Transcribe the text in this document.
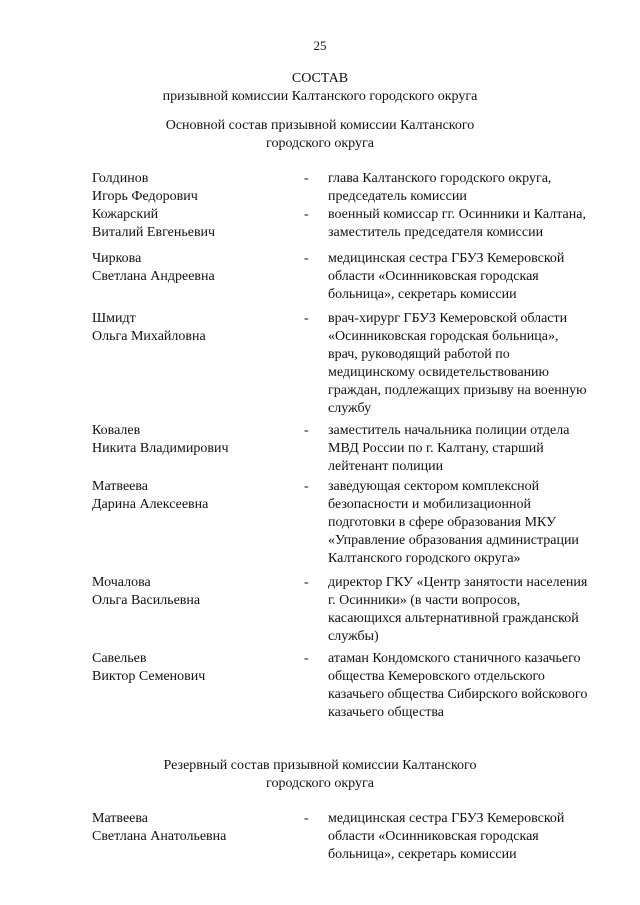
25
СОСТАВ
призывной комиссии Калтанского городского округа
Основной состав призывной комиссии Калтанского
городского округа
Голдинов
Игорь Федорович
-	глава Калтанского городского округа, председатель комиссии
Кожарский
Виталий Евгеньевич
-	военный комиссар гг. Осинники и Калтана, заместитель председателя комиссии
Чиркова
Светлана Андреевна
-	медицинская сестра ГБУЗ Кемеровской области «Осинниковская городская больница», секретарь комиссии
Шмидт
Ольга Михайловна
-	врач-хирург ГБУЗ Кемеровской области «Осинниковская городская больница», врач, руководящий работой по медицинскому освидетельствованию граждан, подлежащих призыву на военную службу
Ковалев
Никита Владимирович
-	заместитель начальника полиции отдела МВД России по г. Калтану, старший лейтенант полиции
Матвеева
Дарина Алексеевна
-	заведующая сектором комплексной безопасности и мобилизационной подготовки в сфере образования МКУ «Управление образования администрации Калтанского городского округа»
Мочалова
Ольга Васильевна
-	директор ГКУ «Центр занятости населения г. Осинники» (в части вопросов, касающихся альтернативной гражданской службы)
Савельев
Виктор Семенович
-	атаман Кондомского станичного казачьего общества Кемеровского отдельского казачьего общества Сибирского войскового казачьего общества
Резервный состав призывной комиссии Калтанского
городского округа
Матвеева
Светлана Анатольевна
-	медицинская сестра ГБУЗ Кемеровской области «Осинниковская городская больница», секретарь комиссии
